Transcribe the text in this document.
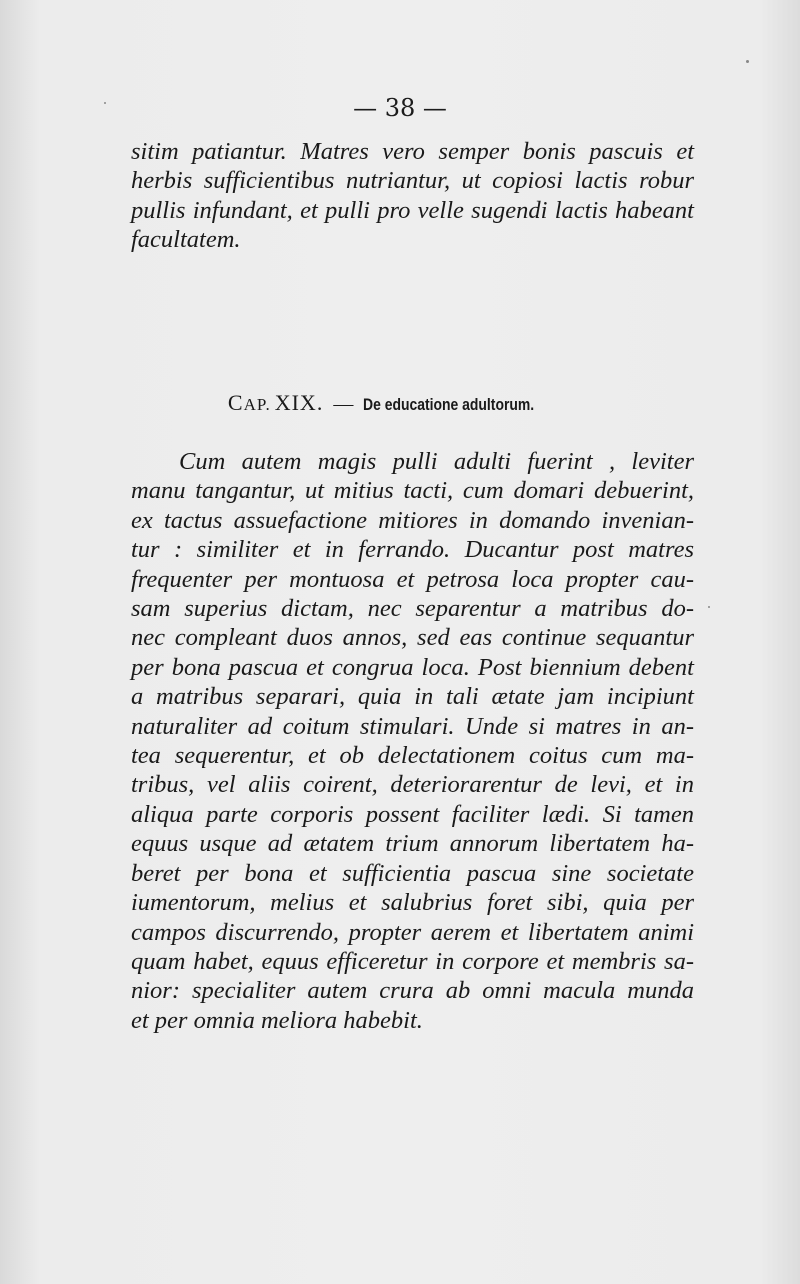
— 38 —

sitim patiantur. Matres vero semper bonis pascuis et
herbis sufficientibus nutriantur, ut copiosi lactis robur
pullis infundant, et pulli pro velle sugendi lactis habeant
facultatem.

CAP. XIX. — De educatione adultorum.

Cum autem magis pulli adulti fuerint , leviter
manu tangantur, ut mitius tacti, cum domari debuerint,
ex tactus assuefactione mitiores in domando invenian-
tur : similiter et in ferrando. Ducantur post matres
frequenter per montuosa et petrosa loca propter cau-
sam superius dictam, nec separentur a matribus do-
nec compleant duos annos, sed eas continue sequantur
per bona pascua et congrua loca. Post biennium debent
a matribus separari, quia in tali ætate jam incipiunt
naturaliter ad coitum stimulari. Unde si matres in an-
tea sequerentur, et ob delectationem coitus cum ma-
tribus, vel aliis coirent, deteriorarentur de levi, et in
aliqua parte corporis possent faciliter lædi. Si tamen
equus usque ad ætatem trium annorum libertatem ha-
beret per bona et sufficientia pascua sine societate
iumentorum, melius et salubrius foret sibi, quia per
campos discurrendo, propter aerem et libertatem animi
quam habet, equus efficeretur in corpore et membris sa-
nior: specialiter autem crura ab omni macula munda
et per omnia meliora habebit.
